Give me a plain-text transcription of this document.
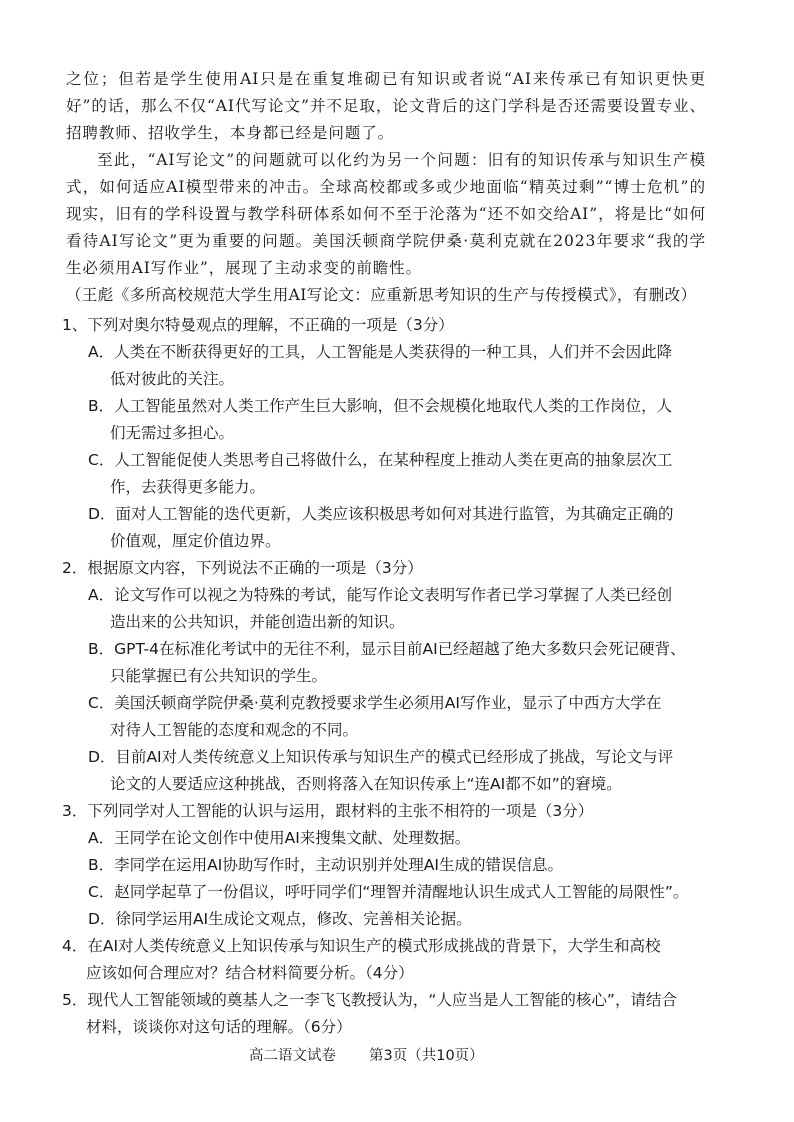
之位；但若是学生使用AI只是在重复堆砌已有知识或者说“AI来传承已有知识更快更好”的话，那么不仅“AI代写论文”并不足取，论文背后的这门学科是否还需要设置专业、招聘教师、招收学生，本身都已经是问题了。

至此，“AI写论文”的问题就可以化约为另一个问题：旧有的知识传承与知识生产模式，如何适应AI模型带来的冲击。全球高校都或多或少地面临“精英过剩”“博士危机”的现实，旧有的学科设置与教学科研体系如何不至于沦落为“还不如交给AI”，将是比“如何看待AI写论文”更为重要的问题。美国沃顿商学院伊桑·莫利克就在2023年要求“我的学生必须用AI写作业”，展现了主动求变的前瞻性。

（王彪《多所高校规范大学生用AI写论文：应重新思考知识的生产与传授模式》，有删改）

1、下列对奥尔特曼观点的理解，不正确的一项是（3分）
A．人类在不断获得更好的工具，人工智能是人类获得的一种工具，人们并不会因此降
低对彼此的关注。
B．人工智能虽然对人类工作产生巨大影响，但不会规模化地取代人类的工作岗位，人
们无需过多担心。
C．人工智能促使人类思考自己将做什么，在某种程度上推动人类在更高的抽象层次工
作，去获得更多能力。
D．面对人工智能的迭代更新，人类应该积极思考如何对其进行监管，为其确定正确的
价值观，厘定价值边界。
2．根据原文内容，下列说法不正确的一项是（3分）
A．论文写作可以视之为特殊的考试，能写作论文表明写作者已学习掌握了人类已经创
造出来的公共知识，并能创造出新的知识。
B．GPT-4在标准化考试中的无往不利，显示目前AI已经超越了绝大多数只会死记硬背、
只能掌握已有公共知识的学生。
C．美国沃顿商学院伊桑·莫利克教授要求学生必须用AI写作业，显示了中西方大学在
对待人工智能的态度和观念的不同。
D．目前AI对人类传统意义上知识传承与知识生产的模式已经形成了挑战，写论文与评
论文的人要适应这种挑战，否则将落入在知识传承上“连AI都不如”的窘境。
3．下列同学对人工智能的认识与运用，跟材料的主张不相符的一项是（3分）
A．王同学在论文创作中使用AI来搜集文献、处理数据。
B．李同学在运用AI协助写作时，主动识别并处理AI生成的错误信息。
C．赵同学起草了一份倡议，呼吁同学们“理智并清醒地认识生成式人工智能的局限性”。
D．徐同学运用AI生成论文观点，修改、完善相关论据。
4．在AI对人类传统意义上知识传承与知识生产的模式形成挑战的背景下，大学生和高校
应该如何合理应对？结合材料简要分析。（4分）
5．现代人工智能领域的奠基人之一李飞飞教授认为，“人应当是人工智能的核心”，请结合
材料，谈谈你对这句话的理解。（6分）
高二语文试卷 第3页（共10页）
